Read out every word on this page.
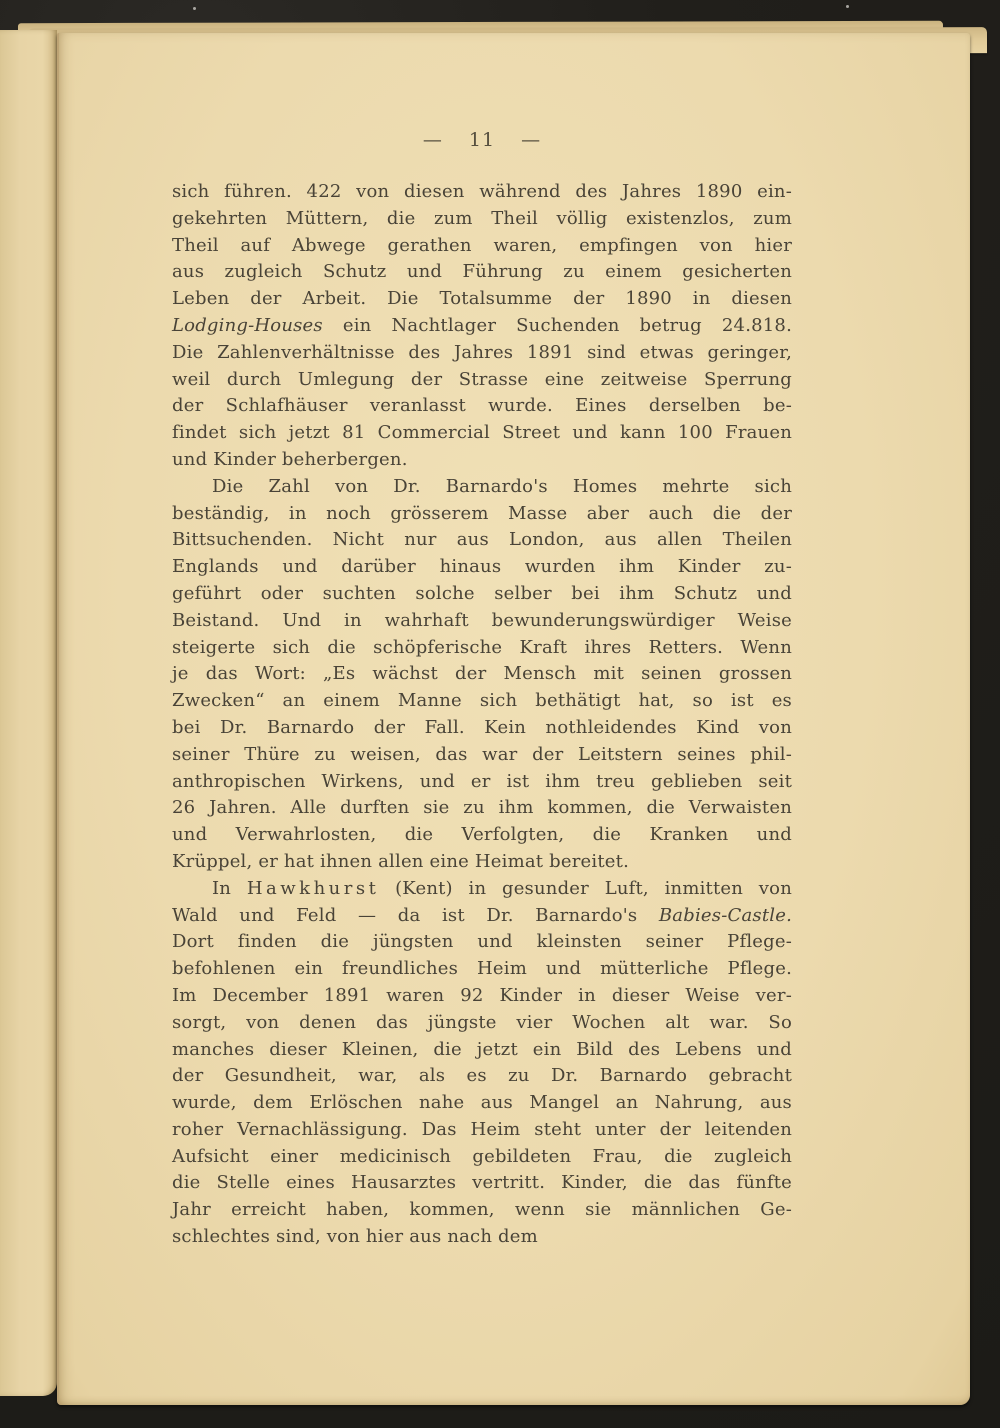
— 11 —
sich führen. 422 von diesen während des Jahres 1890 ein-
gekehrten Müttern, die zum Theil völlig existenzlos, zum
Theil auf Abwege gerathen waren, empfingen von hier
aus zugleich Schutz und Führung zu einem gesicherten
Leben der Arbeit. Die Totalsumme der 1890 in diesen
Lodging-Houses ein Nachtlager Suchenden betrug 24.818.
Die Zahlenverhältnisse des Jahres 1891 sind etwas geringer,
weil durch Umlegung der Strasse eine zeitweise Sperrung
der Schlafhäuser veranlasst wurde. Eines derselben be-
findet sich jetzt 81 Commercial Street und kann 100 Frauen
und Kinder beherbergen.
Die Zahl von Dr. Barnardo's Homes mehrte sich
beständig, in noch grösserem Masse aber auch die der
Bittsuchenden. Nicht nur aus London, aus allen Theilen
Englands und darüber hinaus wurden ihm Kinder zu-
geführt oder suchten solche selber bei ihm Schutz und
Beistand. Und in wahrhaft bewunderungswürdiger Weise
steigerte sich die schöpferische Kraft ihres Retters. Wenn
je das Wort: „Es wächst der Mensch mit seinen grossen
Zwecken“ an einem Manne sich bethätigt hat, so ist es
bei Dr. Barnardo der Fall. Kein nothleidendes Kind von
seiner Thüre zu weisen, das war der Leitstern seines phil-
anthropischen Wirkens, und er ist ihm treu geblieben seit
26 Jahren. Alle durften sie zu ihm kommen, die Verwaisten
und Verwahrlosten, die Verfolgten, die Kranken und
Krüppel, er hat ihnen allen eine Heimat bereitet.
In Hawkhurst (Kent) in gesunder Luft, inmitten von
Wald und Feld — da ist Dr. Barnardo's Babies-Castle.
Dort finden die jüngsten und kleinsten seiner Pflege-
befohlenen ein freundliches Heim und mütterliche Pflege.
Im December 1891 waren 92 Kinder in dieser Weise ver-
sorgt, von denen das jüngste vier Wochen alt war. So
manches dieser Kleinen, die jetzt ein Bild des Lebens und
der Gesundheit, war, als es zu Dr. Barnardo gebracht
wurde, dem Erlöschen nahe aus Mangel an Nahrung, aus
roher Vernachlässigung. Das Heim steht unter der leitenden
Aufsicht einer medicinisch gebildeten Frau, die zugleich
die Stelle eines Hausarztes vertritt. Kinder, die das fünfte
Jahr erreicht haben, kommen, wenn sie männlichen Ge-
schlechtes sind, von hier aus nach dem
